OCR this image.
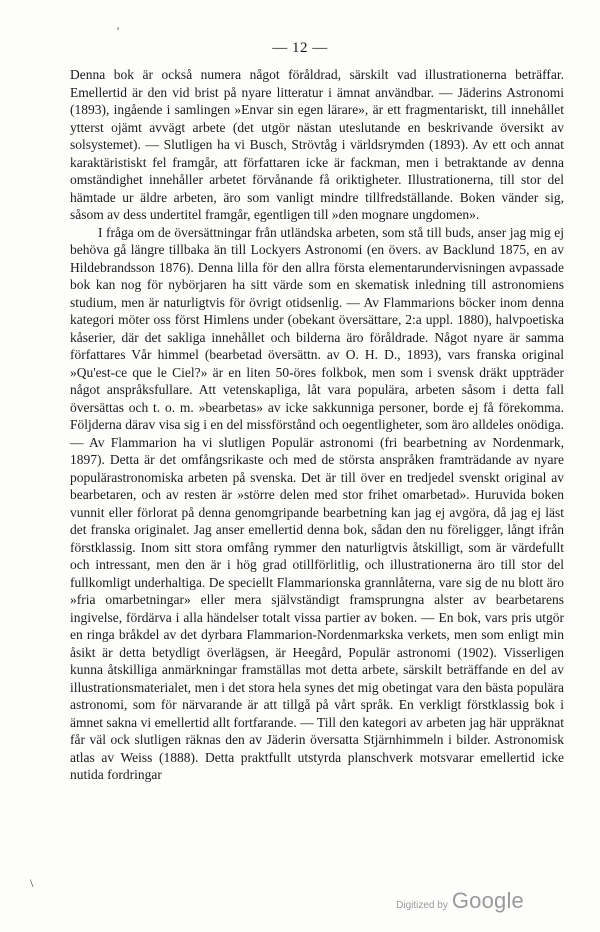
'
— 12 —

Denna bok är också numera något föråldrad, särskilt vad illustrationerna beträffar. Emellertid är den vid brist på nyare litteratur i ämnat användbar. — Jäderins Astronomi (1893), ingående i samlingen »Envar sin egen lärare», är ett fragmentariskt, till innehållet ytterst ojämt avvägt arbete (det utgör nästan uteslutande en beskrivande översikt av solsystemet). — Slutligen ha vi Busch, Strövtåg i världsrymden (1893). Av ett och annat karaktäristiskt fel framgår, att författaren icke är fackman, men i betraktande av denna omständighet innehåller arbetet förvånande få oriktigheter. Illustrationerna, till stor del hämtade ur äldre arbeten, äro som vanligt mindre tillfredställande. Boken vänder sig, såsom av dess undertitel framgår, egentligen till »den mognare ungdomen».

I fråga om de översättningar från utländska arbeten, som stå till buds, anser jag mig ej behöva gå längre tillbaka än till Lockyers Astronomi (en övers. av Backlund 1875, en av Hildebrandsson 1876). Denna lilla för den allra första elementarundervisningen avpassade bok kan nog för nybörjaren ha sitt värde som en skematisk inledning till astronomiens studium, men är naturligtvis för övrigt otidsenlig. — Av Flammarions böcker inom denna kategori möter oss först Himlens under (obekant översättare, 2:a uppl. 1880), halvpoetiska kåserier, där det sakliga innehållet och bilderna äro föråldrade. Något nyare är samma författares Vår himmel (bearbetad översättn. av O. H. D., 1893), vars franska original »Qu'est-ce que le Ciel?» är en liten 50-öres folkbok, men som i svensk dräkt uppträder något anspråksfullare. Att vetenskapliga, låt vara populära, arbeten såsom i detta fall översättas och t. o. m. »bearbetas» av icke sakkunniga personer, borde ej få förekomma. Följderna därav visa sig i en del missförstånd och oegentligheter, som äro alldeles onödiga. — Av Flammarion ha vi slutligen Populär astronomi (fri bearbetning av Nordenmark, 1897). Detta är det omfångsrikaste och med de största anspråken framträdande av nyare populärastronomiska arbeten på svenska. Det är till över en tredjedel svenskt original av bearbetaren, och av resten är »större delen med stor frihet omarbetad». Huruvida boken vunnit eller förlorat på denna genomgripande bearbetning kan jag ej avgöra, då jag ej läst det franska originalet. Jag anser emellertid denna bok, sådan den nu föreligger, långt ifrån förstklassig. Inom sitt stora omfång rymmer den naturligtvis åtskilligt, som är värdefullt och intressant, men den är i hög grad otillförlitlig, och illustrationerna äro till stor del fullkomligt underhaltiga. De speciellt Flammarionska grannlåterna, vare sig de nu blott äro »fria omarbetningar» eller mera självständigt framsprungna alster av bearbetarens ingivelse, fördärva i alla händelser totalt vissa partier av boken. — En bok, vars pris utgör en ringa bråkdel av det dyrbara Flammarion-Nordenmarkska verkets, men som enligt min åsikt är detta betydligt överlägsen, är Heegård, Populär astronomi (1902). Visserligen kunna åtskilliga anmärkningar framställas mot detta arbete, särskilt beträffande en del av illustrationsmaterialet, men i det stora hela synes det mig obetingat vara den bästa populära astronomi, som för närvarande är att tillgå på vårt språk. En verkligt förstklassig bok i ämnet sakna vi emellertid allt fortfarande. — Till den kategori av arbeten jag här uppräknat får väl ock slutligen räknas den av Jäderin översatta Stjärnhimmeln i bilder. Astronomisk atlas av Weiss (1888). Detta praktfullt utstyrda planschverk motsvarar emellertid icke nutida fordringar

\
Digitized by Google
